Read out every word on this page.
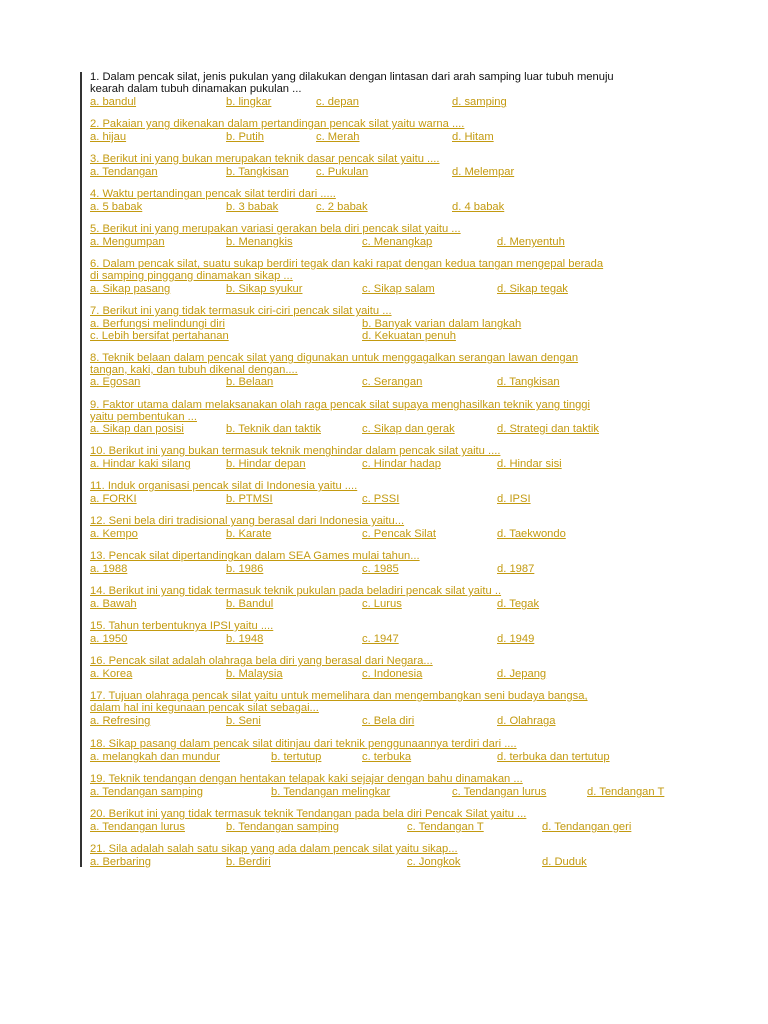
1. Dalam pencak silat, jenis pukulan yang dilakukan dengan lintasan dari arah samping luar tubuh menuju
kearah dalam tubuh dinamakan pukulan ...
a. bandul	b. lingkar	c. depan	d. samping
2. Pakaian yang dikenakan dalam pertandingan pencak silat yaitu warna ....
a. hijau	b. Putih	c. Merah	d. Hitam
3. Berikut ini yang bukan merupakan teknik dasar pencak silat yaitu ....
a. Tendangan	b. Tangkisan c. Pukulan	d. Melempar
4. Waktu pertandingan pencak silat terdiri dari .....
a. 5 babak	b. 3 babak	c. 2 babak	d. 4 babak
5. Berikut ini yang merupakan variasi gerakan bela diri pencak silat yaitu ...
a. Mengumpan	b. Menangkis	c. Menangkap	d. Menyentuh
6. Dalam pencak silat, suatu sukap berdiri tegak dan kaki rapat dengan kedua tangan mengepal berada
di samping pinggang dinamakan sikap ...
a. Sikap pasang	b. Sikap syukur	c. Sikap salam	d. Sikap tegak
7. Berikut ini yang tidak termasuk ciri-ciri pencak silat yaitu ...
a. Berfungsi melindungi diri	b. Banyak varian dalam langkah
c. Lebih bersifat pertahanan	d. Kekuatan penuh
8. Teknik belaan dalam pencak silat yang digunakan untuk menggagalkan serangan lawan dengan
tangan, kaki, dan tubuh dikenal dengan....
a. Egosan	b. Belaan	c. Serangan	d. Tangkisan
9. Faktor utama dalam melaksanakan olah raga pencak silat supaya menghasilkan teknik yang tinggi
yaitu pembentukan ...
a. Sikap dan posisi	b. Teknik dan taktik	c. Sikap dan gerak	d. Strategi dan taktik
10. Berikut ini yang bukan termasuk teknik menghindar dalam pencak silat yaitu ....
a. Hindar kaki silang	b. Hindar depan	c. Hindar hadap	d. Hindar sisi
11. Induk organisasi pencak silat di Indonesia yaitu ....
a. FORKI	b. PTMSI	c. PSSI	d. IPSI
12. Seni bela diri tradisional yang berasal dari Indonesia yaitu...
a. Kempo	b. Karate	c. Pencak Silat	d. Taekwondo
13. Pencak silat dipertandingkan dalam SEA Games mulai tahun...
a. 1988	b. 1986	c. 1985	d. 1987
14. Berikut ini yang tidak termasuk teknik pukulan pada beladiri pencak silat yaitu ..
a. Bawah	b. Bandul	c. Lurus	d. Tegak
15. Tahun terbentuknya IPSI yaitu ....
a. 1950	b. 1948	c. 1947	d. 1949
16. Pencak silat adalah olahraga bela diri yang berasal dari Negara...
a. Korea	b. Malaysia	c. Indonesia	d. Jepang
17. Tujuan olahraga pencak silat yaitu untuk memelihara dan mengembangkan seni budaya bangsa,
dalam hal ini kegunaan pencak silat sebagai...
a. Refresing	b. Seni	c. Bela diri	d. Olahraga
18. Sikap pasang dalam pencak silat ditinjau dari teknik penggunaannya terdiri dari ....
a. melangkah dan mundur	b. tertutup	c. terbuka	d. terbuka dan tertutup
19. Teknik tendangan dengan hentakan telapak kaki sejajar dengan bahu dinamakan ...
a. Tendangan samping	b. Tendangan melingkar	c. Tendangan lurus	d. Tendangan T
20. Berikut ini yang tidak termasuk teknik Tendangan pada bela diri Pencak Silat yaitu ...
a. Tendangan lurus	b. Tendangan samping	c. Tendangan T	d. Tendangan geri
21. Sila adalah salah satu sikap yang ada dalam pencak silat yaitu sikap...
a. Berbaring	b. Berdiri	c. Jongkok	d. Duduk
